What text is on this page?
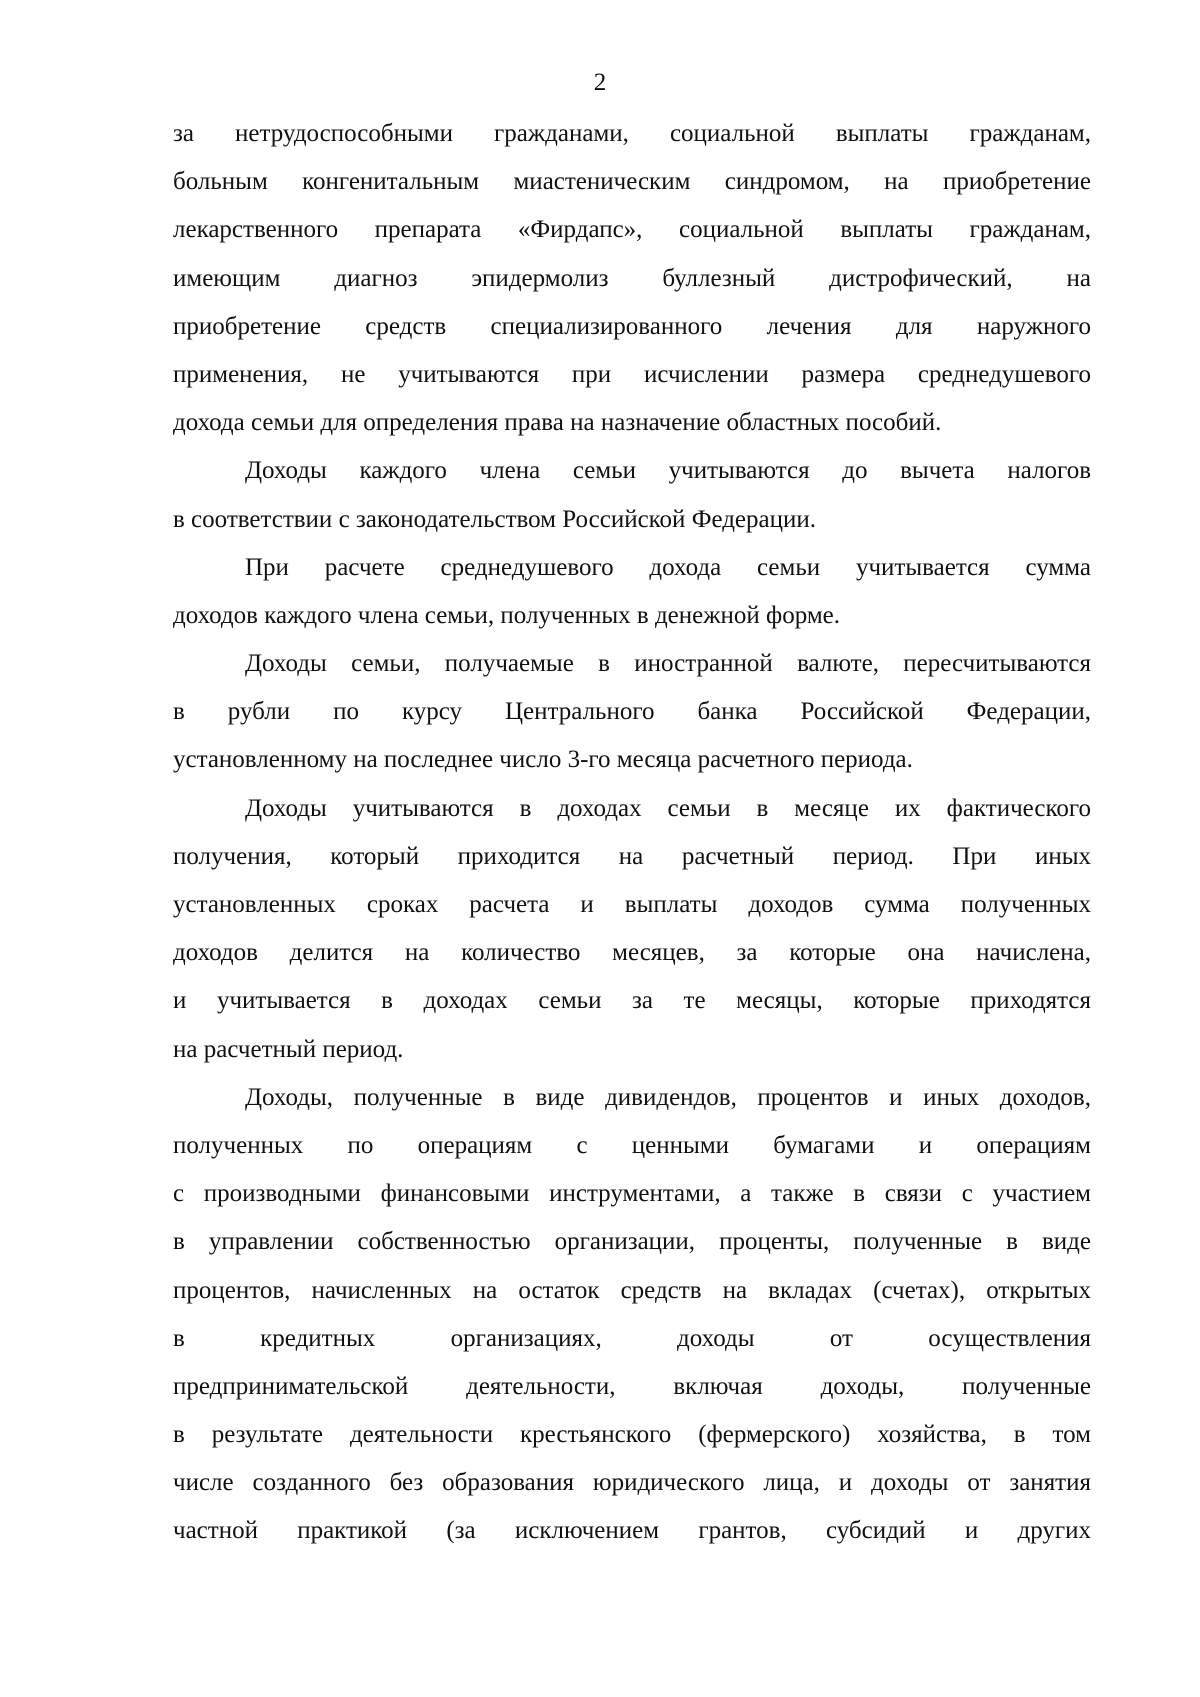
2
за нетрудоспособными гражданами, социальной выплаты гражданам,
больным конгенитальным миастеническим синдромом, на приобретение
лекарственного препарата «Фирдапс», социальной выплаты гражданам,
имеющим диагноз эпидермолиз буллезный дистрофический, на
приобретение средств специализированного лечения для наружного
применения, не учитываются при исчислении размера среднедушевого
дохода семьи для определения права на назначение областных пособий.
Доходы каждого члена семьи учитываются до вычета налогов
в соответствии с законодательством Российской Федерации.
При расчете среднедушевого дохода семьи учитывается сумма
доходов каждого члена семьи, полученных в денежной форме.
Доходы семьи, получаемые в иностранной валюте, пересчитываются
в рубли по курсу Центрального банка Российской Федерации,
установленному на последнее число 3-го месяца расчетного периода.
Доходы учитываются в доходах семьи в месяце их фактического
получения, который приходится на расчетный период. При иных
установленных сроках расчета и выплаты доходов сумма полученных
доходов делится на количество месяцев, за которые она начислена,
и учитывается в доходах семьи за те месяцы, которые приходятся
на расчетный период.
Доходы, полученные в виде дивидендов, процентов и иных доходов,
полученных по операциям с ценными бумагами и операциям
с производными финансовыми инструментами, а также в связи с участием
в управлении собственностью организации, проценты, полученные в виде
процентов, начисленных на остаток средств на вкладах (счетах), открытых
в кредитных организациях, доходы от осуществления
предпринимательской деятельности, включая доходы, полученные
в результате деятельности крестьянского (фермерского) хозяйства, в том
числе созданного без образования юридического лица, и доходы от занятия
частной практикой (за исключением грантов, субсидий и других
